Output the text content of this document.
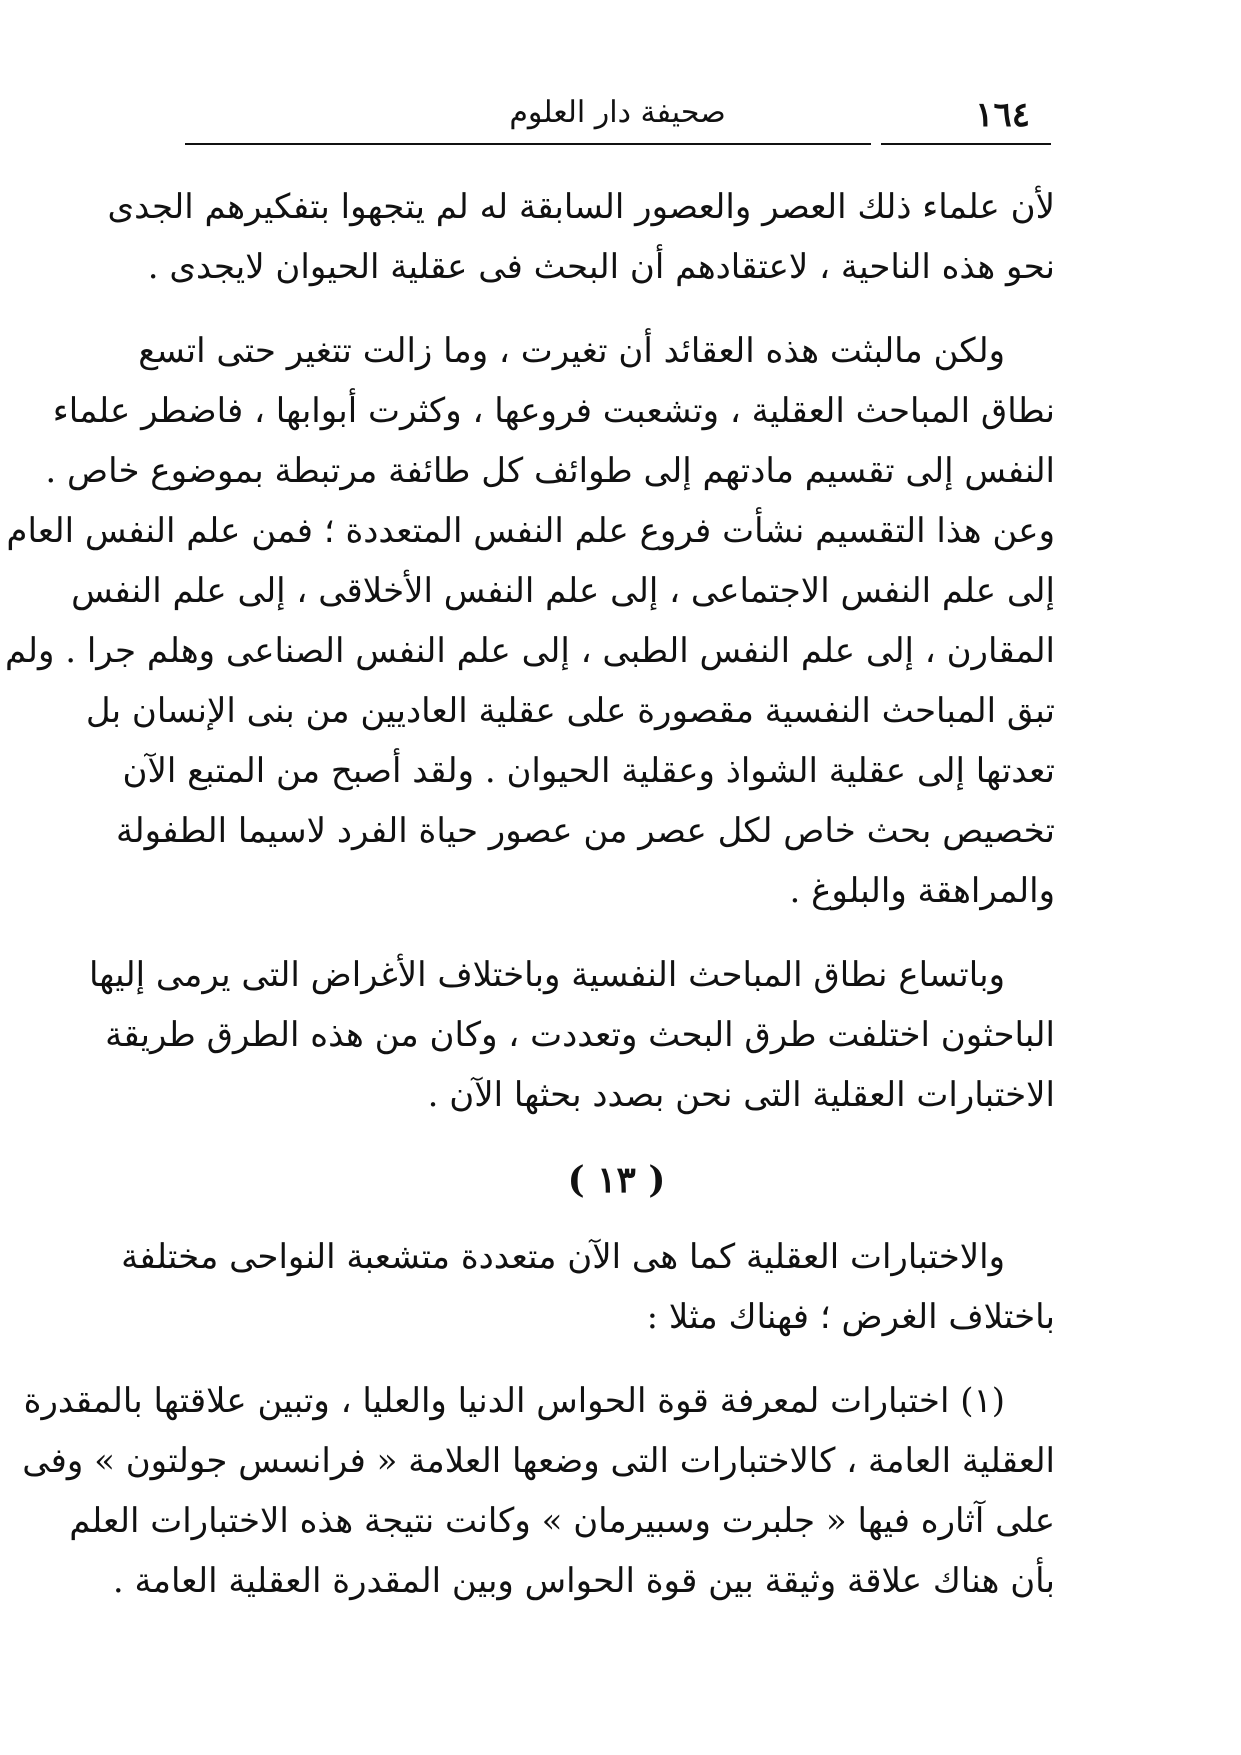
١٦٤
صحيفة دار العلوم
لأن علماء ذلك العصر والعصور السابقة له لم يتجهوا بتفكيرهم الجدى
نحو هذه الناحية ، لاعتقادهم أن البحث فى عقلية الحيوان لايجدى .
ولكن مالبثت هذه العقائد أن تغيرت ، وما زالت تتغير حتى اتسع
نطاق المباحث العقلية ، وتشعبت فروعها ، وكثرت أبوابها ، فاضطر علماء
النفس إلى تقسيم مادتهم إلى طوائف كل طائفة مرتبطة بموضوع خاص .
وعن هذا التقسيم نشأت فروع علم النفس المتعددة ؛ فمن علم النفس العام
إلى علم النفس الاجتماعى ، إلى علم النفس الأخلاقى ، إلى علم النفس
المقارن ، إلى علم النفس الطبى ، إلى علم النفس الصناعى وهلم جرا . ولم
تبق المباحث النفسية مقصورة على عقلية العاديين من بنى الإنسان بل
تعدتها إلى عقلية الشواذ وعقلية الحيوان . ولقد أصبح من المتبع الآن
تخصيص بحث خاص لكل عصر من عصور حياة الفرد لاسيما الطفولة
والمراهقة والبلوغ .
وباتساع نطاق المباحث النفسية وباختلاف الأغراض التى يرمى إليها
الباحثون اختلفت طرق البحث وتعددت ، وكان من هذه الطرق طريقة
الاختبارات العقلية التى نحن بصدد بحثها الآن .
( ١٣ )
والاختبارات العقلية كما هى الآن متعددة متشعبة النواحى مختلفة
باختلاف الغرض ؛ فهناك مثلا :
(١) اختبارات لمعرفة قوة الحواس الدنيا والعليا ، وتبين علاقتها بالمقدرة
العقلية العامة ، كالاختبارات التى وضعها العلامة « فرانسس جولتون » وفى
على آثاره فيها « جلبرت وسبيرمان » وكانت نتيجة هذه الاختبارات العلم
بأن هناك علاقة وثيقة بين قوة الحواس وبين المقدرة العقلية العامة .
